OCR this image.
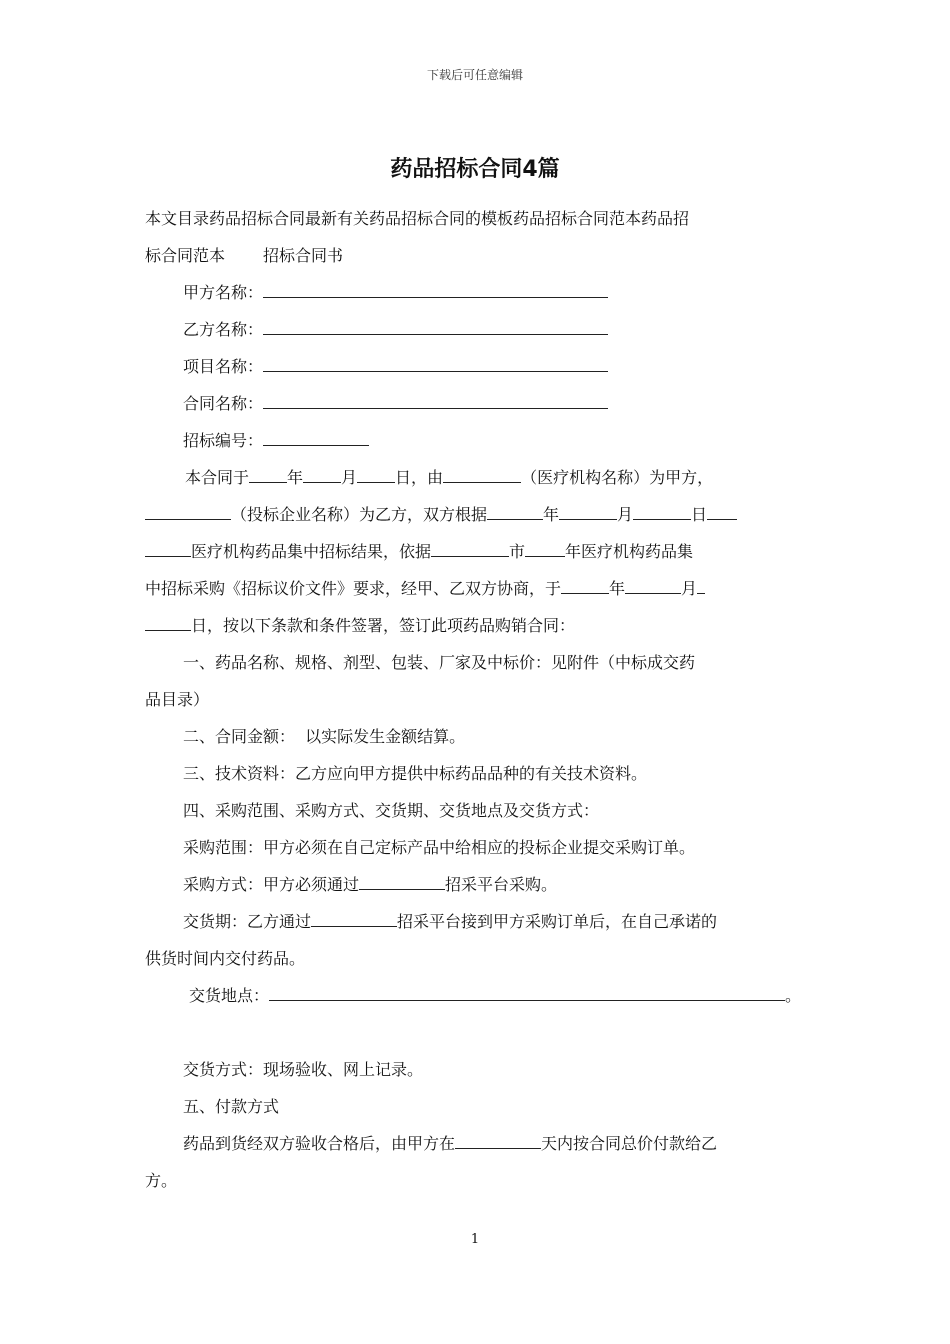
下载后可任意编辑
药品招标合同4篇

本文目录药品招标合同最新有关药品招标合同的模板药品招标合同范本药品招

标合同范本 招标合同书

甲方名称：

乙方名称：

项目名称：

合同名称：

招标编号：

本合同于 年 月 日，由	（医疗机构名称）为甲方，

（投标企业名称）为乙方，双方根据	年	月	日

医疗机构药品集中招标结果，依据	市	年医疗机构药品集

中招标采购《招标议价文件》要求，经甲、乙双方协商，于	年	月

日，按以下条款和条件签署，签订此项药品购销合同：

一、药品名称、规格、剂型、包装、厂家及中标价：见附件（中标成交药

品目录）

二、合同金额：  以实际发生金额结算。

三、技术资料：乙方应向甲方提供中标药品品种的有关技术资料。

四、采购范围、采购方式、交货期、交货地点及交货方式：

采购范围：甲方必须在自己定标产品中给相应的投标企业提交采购订单。

采购方式：甲方必须通过	招采平台采购。

交货期：乙方通过	招采平台接到甲方采购订单后，在自己承诺的

供货时间内交付药品。

交货地点：	。

交货方式：现场验收、网上记录。

五、付款方式

药品到货经双方验收合格后，由甲方在	天内按合同总价付款给乙

方。

1
